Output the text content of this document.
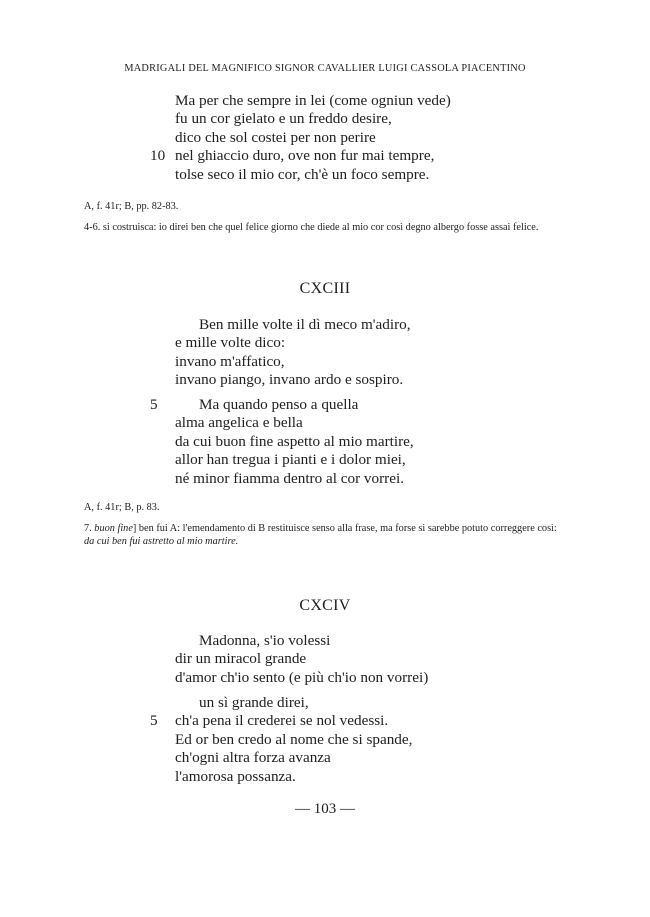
MADRIGALI DEL MAGNIFICO SIGNOR CAVALLIER LUIGI CASSOLA PIACENTINO
Ma per che sempre in lei (come ogniun vede)
fu un cor gielato e un freddo desire,
dico che sol costei per non perire
10 nel ghiaccio duro, ove non fur mai tempre,
tolse seco il mio cor, ch'è un foco sempre.
A, f. 41r; B, pp. 82-83.
4-6. si costruisca: io direi ben che quel felice giorno che diede al mio cor così degno albergo fosse assai felice.
CXCIII
Ben mille volte il dì meco m'adiro,
e mille volte dico:
invano m'affatico,
invano piango, invano ardo e sospiro.
5	Ma quando penso a quella
alma angelica e bella
da cui buon fine aspetto al mio martire,
allor han tregua i pianti e i dolor miei,
né minor fiamma dentro al cor vorrei.
A, f. 41r; B, p. 83.
7. buon fine] ben fui A: l'emendamento di B restituisce senso alla frase, ma forse si sarebbe potuto correggere così: da cui ben fui astretto al mio martire.
CXCIV
Madonna, s'io volessi
dir un miracol grande
d'amor ch'io sento (e più ch'io non vorrei)
un sì grande direi,
5 ch'a pena il crederei se nol vedessi.
Ed or ben credo al nome che si spande,
ch'ogni altra forza avanza
l'amorosa possanza.
— 103 —
